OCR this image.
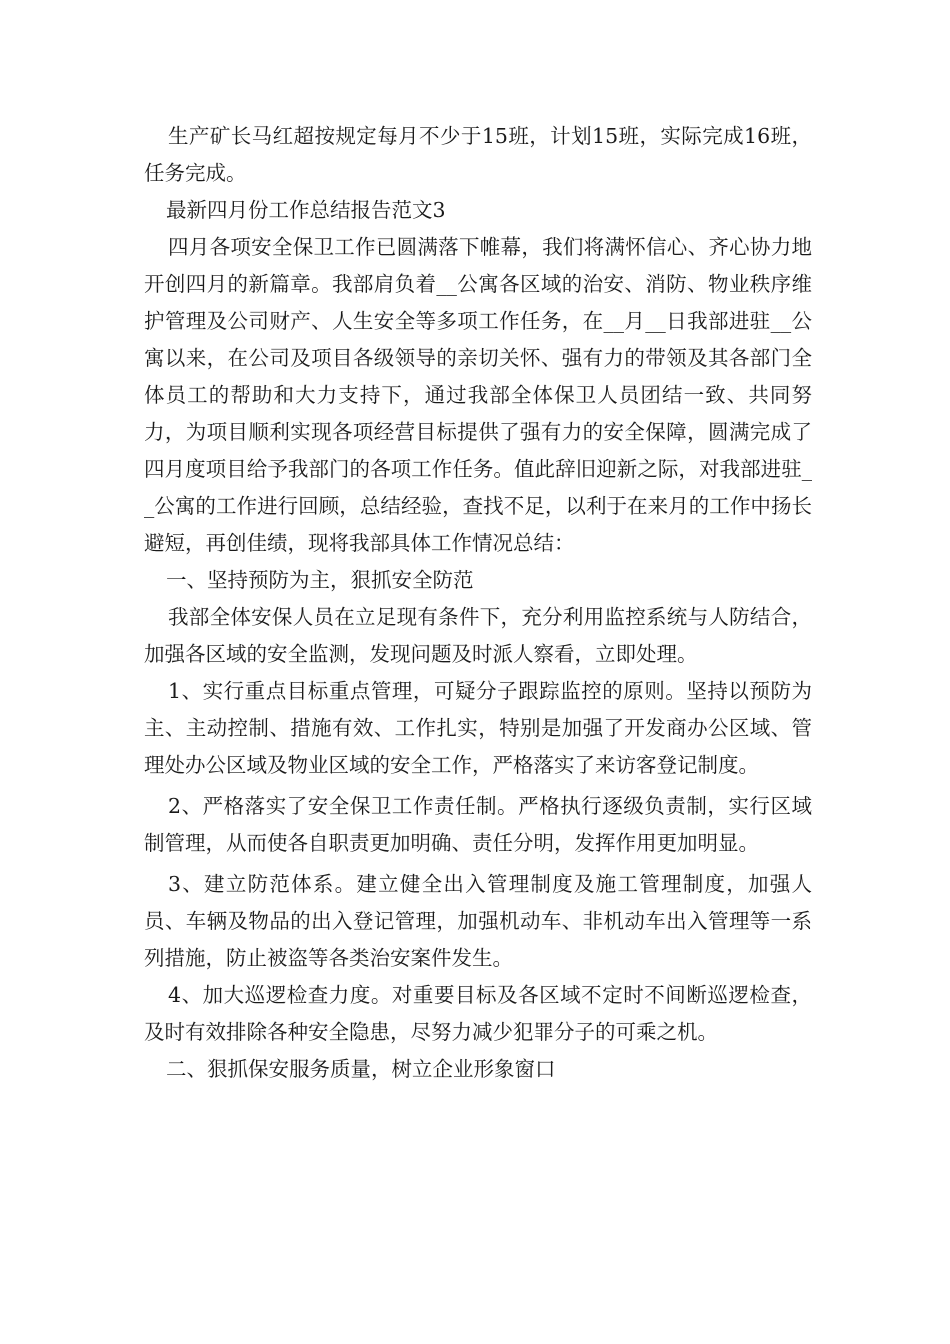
生产矿长马红超按规定每月不少于15班，计划15班，实际完成16班，任务完成。

最新四月份工作总结报告范文3

四月各项安全保卫工作已圆满落下帷幕，我们将满怀信心、齐心协力地开创四月的新篇章。我部肩负着__公寓各区域的治安、消防、物业秩序维护管理及公司财产、人生安全等多项工作任务，在__月__日我部进驻__公寓以来，在公司及项目各级领导的亲切关怀、强有力的带领及其各部门全体员工的帮助和大力支持下，通过我部全体保卫人员团结一致、共同努力，为项目顺利实现各项经营目标提供了强有力的安全保障，圆满完成了四月度项目给予我部门的各项工作任务。值此辞旧迎新之际，对我部进驻__公寓的工作进行回顾，总结经验，查找不足，以利于在来月的工作中扬长避短，再创佳绩，现将我部具体工作情况总结：

一、坚持预防为主，狠抓安全防范

我部全体安保人员在立足现有条件下，充分利用监控系统与人防结合，加强各区域的安全监测，发现问题及时派人察看，立即处理。

1、实行重点目标重点管理，可疑分子跟踪监控的原则。坚持以预防为主、主动控制、措施有效、工作扎实，特别是加强了开发商办公区域、管理处办公区域及物业区域的安全工作，严格落实了来访客登记制度。

2、严格落实了安全保卫工作责任制。严格执行逐级负责制，实行区域制管理，从而使各自职责更加明确、责任分明，发挥作用更加明显。

3、建立防范体系。建立健全出入管理制度及施工管理制度，加强人员、车辆及物品的出入登记管理，加强机动车、非机动车出入管理等一系列措施，防止被盗等各类治安案件发生。

4、加大巡逻检查力度。对重要目标及各区域不定时不间断巡逻检查，及时有效排除各种安全隐患，尽努力减少犯罪分子的可乘之机。

二、狠抓保安服务质量，树立企业形象窗口
